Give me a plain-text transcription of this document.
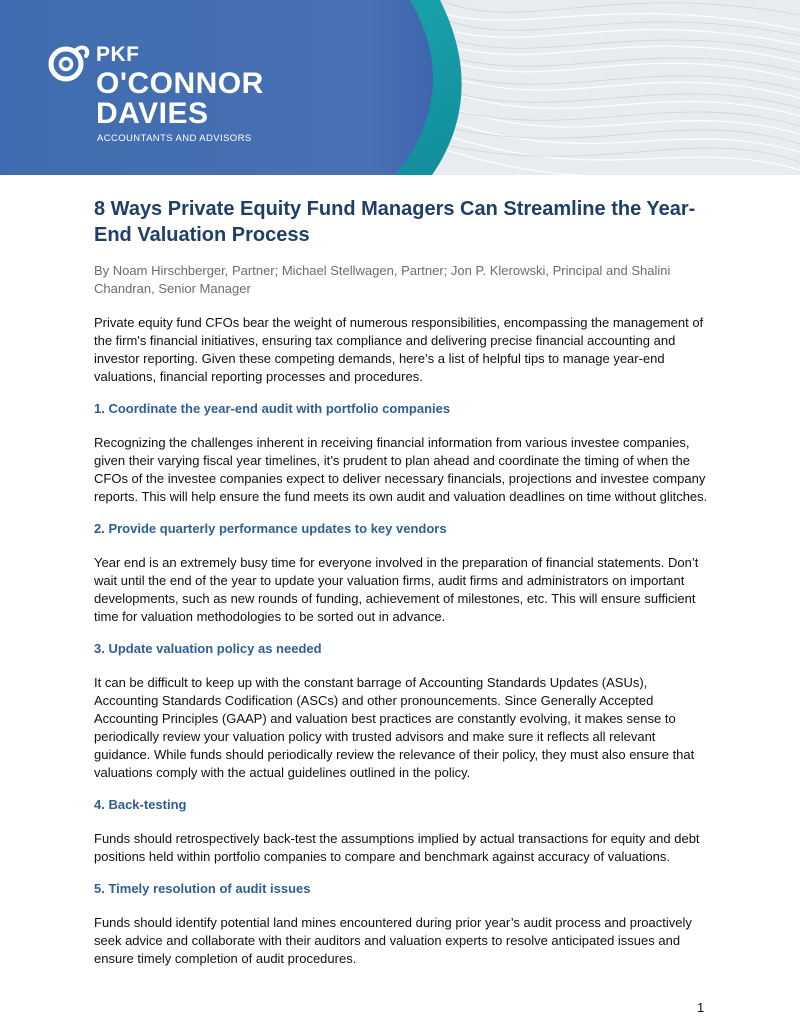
PKF
O'CONNOR
DAVIES
ACCOUNTANTS AND ADVISORS
8 Ways Private Equity Fund Managers Can Streamline the Year-End Valuation Process

By Noam Hirschberger, Partner; Michael Stellwagen, Partner; Jon P. Klerowski, Principal and Shalini Chandran, Senior Manager

Private equity fund CFOs bear the weight of numerous responsibilities, encompassing the management of the firm's financial initiatives, ensuring tax compliance and delivering precise financial accounting and investor reporting. Given these competing demands, here’s a list of helpful tips to manage year-end valuations, financial reporting processes and procedures.

1. Coordinate the year-end audit with portfolio companies

Recognizing the challenges inherent in receiving financial information from various investee companies, given their varying fiscal year timelines, it’s prudent to plan ahead and coordinate the timing of when the CFOs of the investee companies expect to deliver necessary financials, projections and investee company reports. This will help ensure the fund meets its own audit and valuation deadlines on time without glitches.

2. Provide quarterly performance updates to key vendors

Year end is an extremely busy time for everyone involved in the preparation of financial statements. Don’t wait until the end of the year to update your valuation firms, audit firms and administrators on important developments, such as new rounds of funding, achievement of milestones, etc. This will ensure sufficient time for valuation methodologies to be sorted out in advance.

3. Update valuation policy as needed

It can be difficult to keep up with the constant barrage of Accounting Standards Updates (ASUs), Accounting Standards Codification (ASCs) and other pronouncements. Since Generally Accepted Accounting Principles (GAAP) and valuation best practices are constantly evolving, it makes sense to periodically review your valuation policy with trusted advisors and make sure it reflects all relevant guidance. While funds should periodically review the relevance of their policy, they must also ensure that valuations comply with the actual guidelines outlined in the policy.

4. Back-testing

Funds should retrospectively back-test the assumptions implied by actual transactions for equity and debt positions held within portfolio companies to compare and benchmark against accuracy of valuations.

5. Timely resolution of audit issues

Funds should identify potential land mines encountered during prior year’s audit process and proactively seek advice and collaborate with their auditors and valuation experts to resolve anticipated issues and ensure timely completion of audit procedures.

1
